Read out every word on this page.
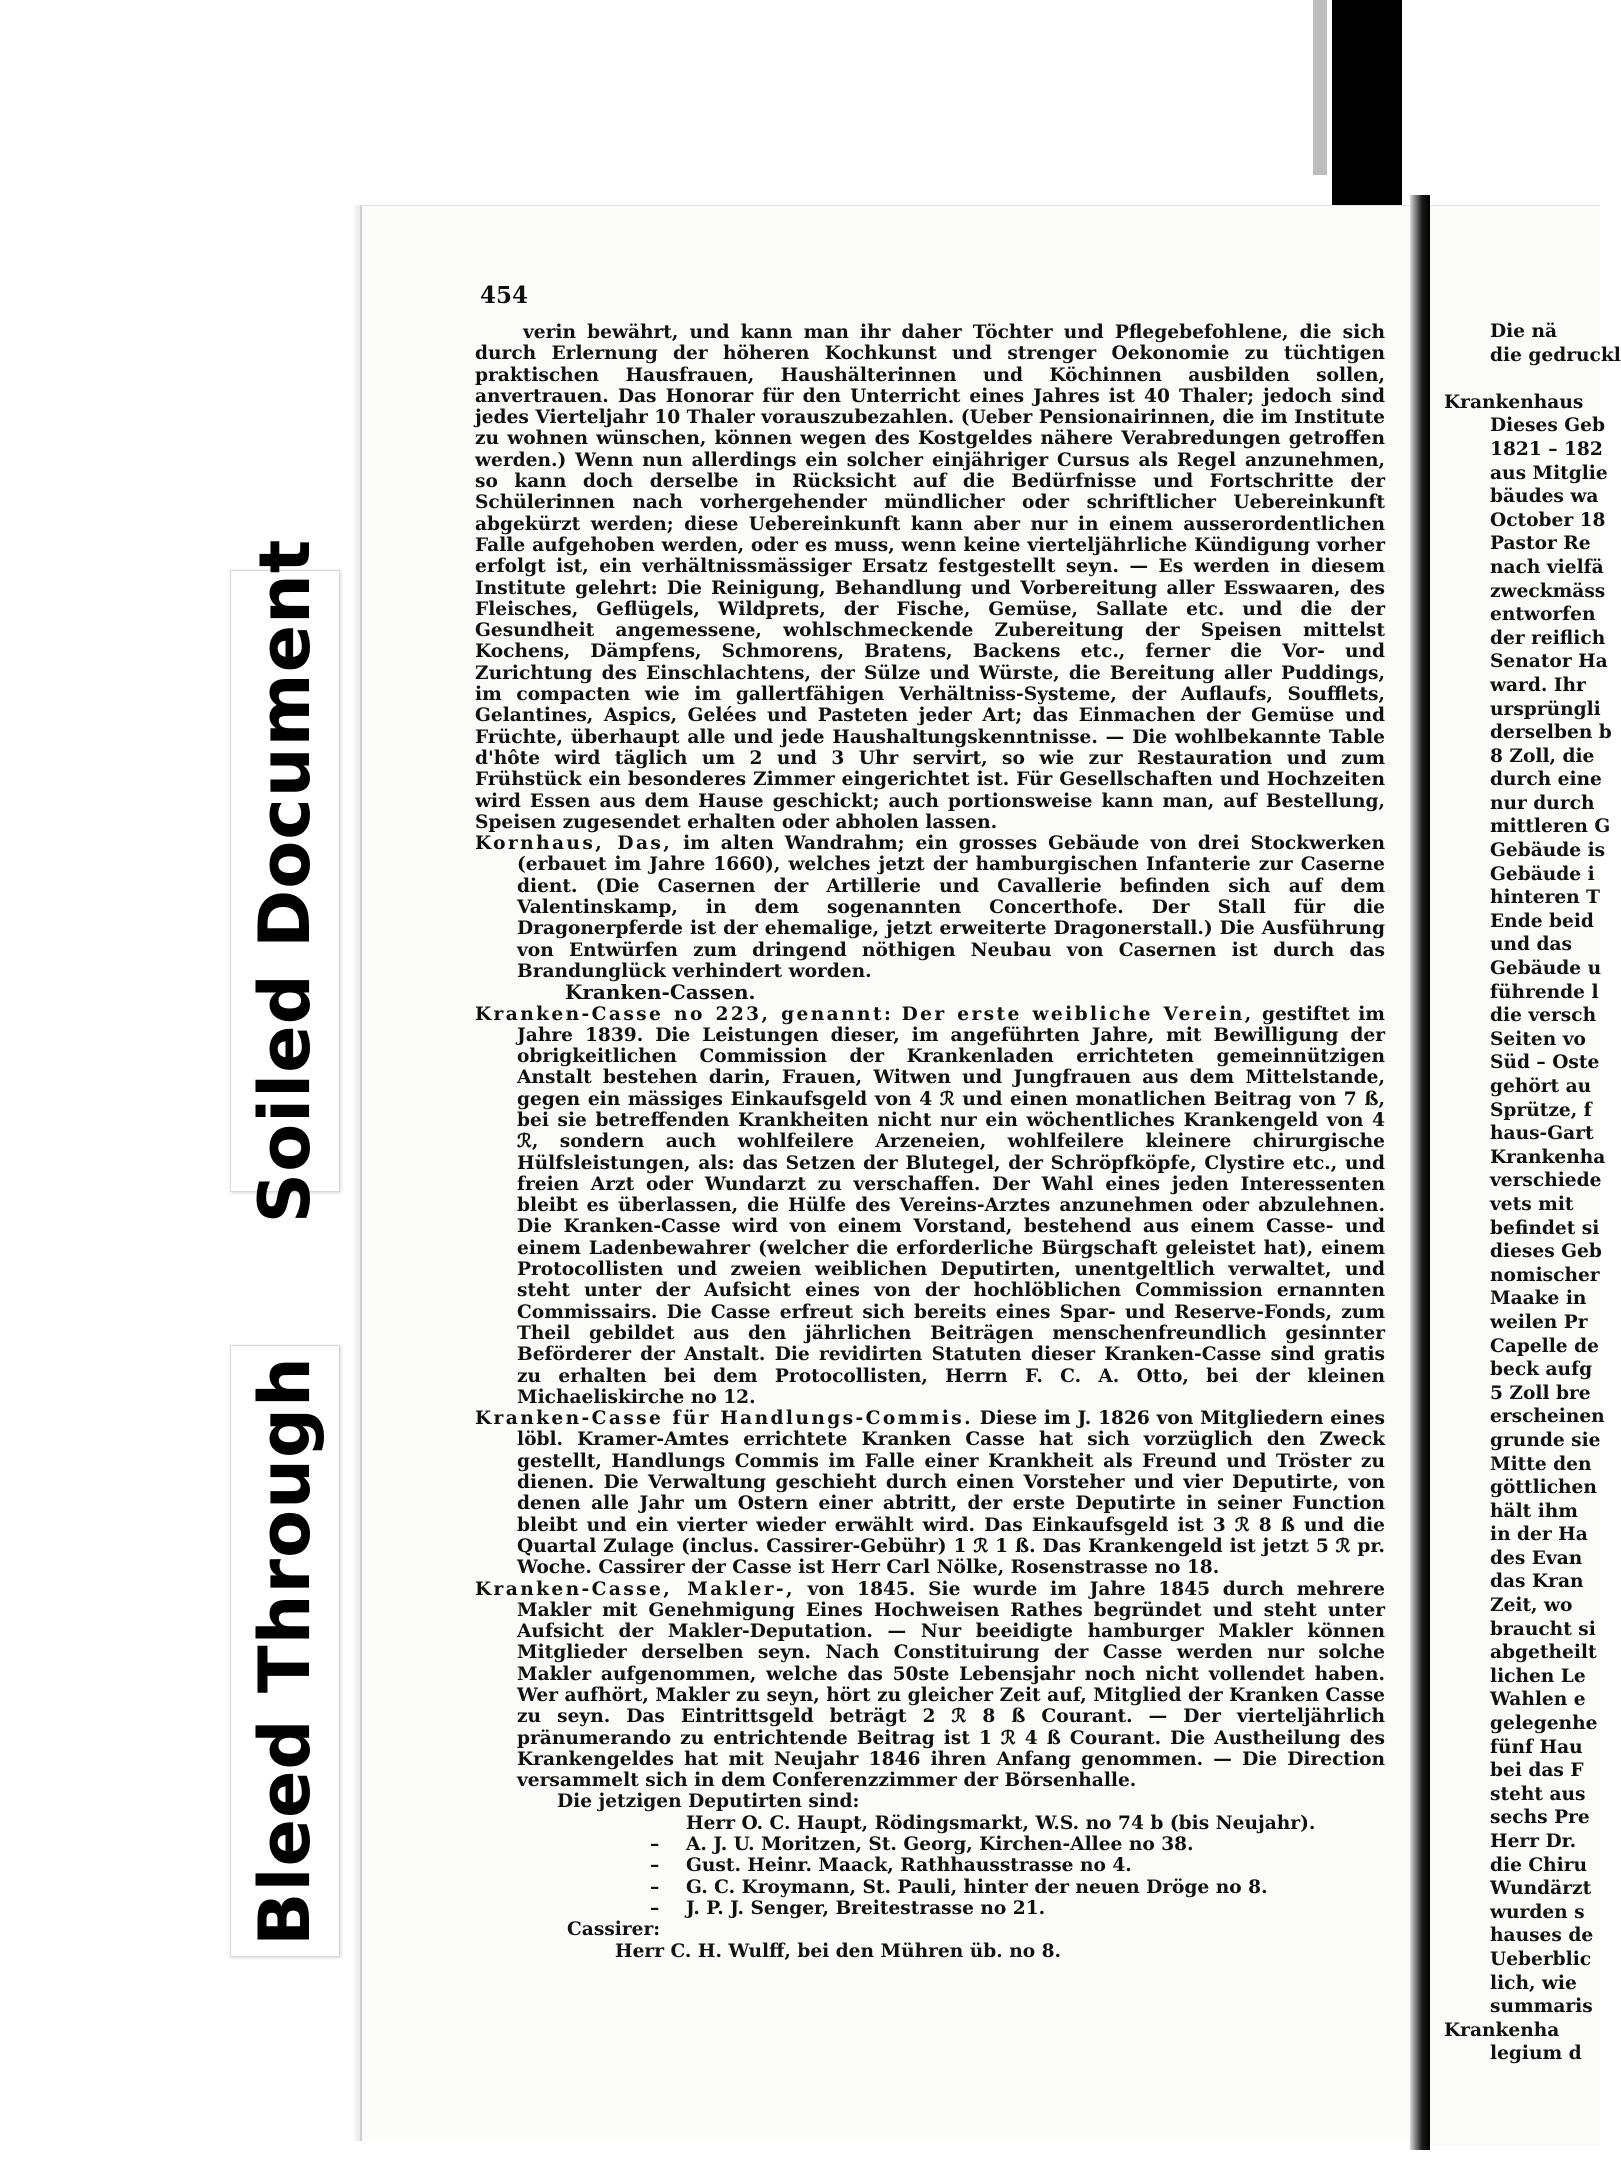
Soiled Document
Bleed Through
454

verin bewährt, und kann man ihr daher Töchter und Pflegebefohlene, die sich durch Erlernung der höheren Kochkunst und strenger Oekonomie zu tüchtigen praktischen Hausfrauen, Haushälterinnen und Köchinnen ausbilden sollen, anvertrauen. Das Honorar für den Unterricht eines Jahres ist 40 Thaler; jedoch sind jedes Vierteljahr 10 Thaler vorauszubezahlen. (Ueber Pensionairinnen, die im Institute zu wohnen wünschen, können wegen des Kostgeldes nähere Verabredungen getroffen werden.) Wenn nun allerdings ein solcher einjähriger Cursus als Regel anzunehmen, so kann doch derselbe in Rücksicht auf die Bedürfnisse und Fortschritte der Schülerinnen nach vorhergehender mündlicher oder schriftlicher Uebereinkunft abgekürzt werden; diese Uebereinkunft kann aber nur in einem ausserordentlichen Falle aufgehoben werden, oder es muss, wenn keine vierteljährliche Kündigung vorher erfolgt ist, ein verhältnissmässiger Ersatz festgestellt seyn. — Es werden in diesem Institute gelehrt: Die Reinigung, Behandlung und Vorbereitung aller Esswaaren, des Fleisches, Geflügels, Wildprets, der Fische, Gemüse, Sallate etc. und die der Gesundheit angemessene, wohlschmeckende Zubereitung der Speisen mittelst Kochens, Dämpfens, Schmorens, Bratens, Backens etc., ferner die Vor- und Zurichtung des Einschlachtens, der Sülze und Würste, die Bereitung aller Puddings, im compacten wie im gallertfähigen Verhältniss-Systeme, der Auflaufs, Soufflets, Gelantines, Aspics, Gelées und Pasteten jeder Art; das Einmachen der Gemüse und Früchte, überhaupt alle und jede Haushaltungskenntnisse. — Die wohlbekannte Table d'hôte wird täglich um 2 und 3 Uhr servirt, so wie zur Restauration und zum Frühstück ein besonderes Zimmer eingerichtet ist. Für Gesellschaften und Hochzeiten wird Essen aus dem Hause geschickt; auch portionsweise kann man, auf Bestellung, Speisen zugesendet erhalten oder abholen lassen.

Kornhaus, Das, im alten Wandrahm; ein grosses Gebäude von drei Stockwerken (erbauet im Jahre 1660), welches jetzt der hamburgischen Infanterie zur Caserne dient. (Die Casernen der Artillerie und Cavallerie befinden sich auf dem Valentinskamp, in dem sogenannten Concerthofe. Der Stall für die Dragonerpferde ist der ehemalige, jetzt erweiterte Dragonerstall.) Die Ausführung von Entwürfen zum dringend nöthigen Neubau von Casernen ist durch das Brandunglück verhindert worden.

Kranken-Cassen.

Kranken-Casse no 223, genannt: Der erste weibliche Verein, gestiftet im Jahre 1839. Die Leistungen dieser, im angeführten Jahre, mit Bewilligung der obrigkeitlichen Commission der Krankenladen errichteten gemeinnützigen Anstalt bestehen darin, Frauen, Witwen und Jungfrauen aus dem Mittelstande, gegen ein mässiges Einkaufsgeld von 4 ℛ und einen monatlichen Beitrag von 7 ß, bei sie betreffenden Krankheiten nicht nur ein wöchentliches Krankengeld von 4 ℛ, sondern auch wohlfeilere Arzeneien, wohlfeilere kleinere chirurgische Hülfsleistungen, als: das Setzen der Blutegel, der Schröpfköpfe, Clystire etc., und freien Arzt oder Wundarzt zu verschaffen. Der Wahl eines jeden Interessenten bleibt es überlassen, die Hülfe des Vereins-Arztes anzunehmen oder abzulehnen. Die Kranken-Casse wird von einem Vorstand, bestehend aus einem Casse- und einem Ladenbewahrer (welcher die erforderliche Bürgschaft geleistet hat), einem Protocollisten und zweien weiblichen Deputirten, unentgeltlich verwaltet, und steht unter der Aufsicht eines von der hochlöblichen Commission ernannten Commissairs. Die Casse erfreut sich bereits eines Spar- und Reserve-Fonds, zum Theil gebildet aus den jährlichen Beiträgen menschenfreundlich gesinnter Beförderer der Anstalt. Die revidirten Statuten dieser Kranken-Casse sind gratis zu erhalten bei dem Protocollisten, Herrn F. C. A. Otto, bei der kleinen Michaeliskirche no 12.

Kranken-Casse für Handlungs-Commis. Diese im J. 1826 von Mitgliedern eines löbl. Kramer-Amtes errichtete Kranken Casse hat sich vorzüglich den Zweck gestellt, Handlungs Commis im Falle einer Krankheit als Freund und Tröster zu dienen. Die Verwaltung geschieht durch einen Vorsteher und vier Deputirte, von denen alle Jahr um Ostern einer abtritt, der erste Deputirte in seiner Function bleibt und ein vierter wieder erwählt wird. Das Einkaufsgeld ist 3 ℛ 8 ß und die Quartal Zulage (inclus. Cassirer-Gebühr) 1 ℛ 1 ß. Das Krankengeld ist jetzt 5 ℛ pr. Woche. Cassirer der Casse ist Herr Carl Nölke, Rosenstrasse no 18.

Kranken-Casse, Makler-, von 1845. Sie wurde im Jahre 1845 durch mehrere Makler mit Genehmigung Eines Hochweisen Rathes begründet und steht unter Aufsicht der Makler-Deputation. — Nur beeidigte hamburger Makler können Mitglieder derselben seyn. Nach Constituirung der Casse werden nur solche Makler aufgenommen, welche das 50ste Lebensjahr noch nicht vollendet haben. Wer aufhört, Makler zu seyn, hört zu gleicher Zeit auf, Mitglied der Kranken Casse zu seyn. Das Eintrittsgeld beträgt 2 ℛ 8 ß Courant. — Der vierteljährlich pränumerando zu entrichtende Beitrag ist 1 ℛ 4 ß Courant. Die Austheilung des Krankengeldes hat mit Neujahr 1846 ihren Anfang genommen. — Die Direction versammelt sich in dem Conferenzzimmer der Börsenhalle.

Die jetzigen Deputirten sind:

Herr O. C. Haupt, Rödingsmarkt, W.S. no 74 b (bis Neujahr).

– A. J. U. Moritzen, St. Georg, Kirchen-Allee no 38.

– Gust. Heinr. Maack, Rathhausstrasse no 4.

– G. C. Kroymann, St. Pauli, hinter der neuen Dröge no 8.

– J. P. J. Senger, Breitestrasse no 21.

Cassirer:

Herr C. H. Wulff, bei den Mühren üb. no 8.

Die nä
die gedruckl

Krankenhaus
Dieses Geb
1821 – 182
aus Mitglie
bäudes wa
October 18
Pastor Re
nach vielfä
zweckmäss
entworfen
der reiflich
Senator Ha
ward. Ihr
ursprüngli
derselben b
8 Zoll, die
durch eine
nur durch
mittleren G
Gebäude is
Gebäude i
hinteren T
Ende beid
und das
Gebäude u
führende l
die versch
Seiten vo
Süd – Oste
gehört au
Sprütze, f
haus-Gart
Krankenha
verschiede
vets mit
befindet si
dieses Geb
nomischer
Maake in
weilen Pr
Capelle de
beck aufg
5 Zoll bre
erscheinen
grunde sie
Mitte den
göttlichen
hält ihm
in der Ha
des Evan
das Kran
Zeit, wo
braucht si
abgetheilt
lichen Le
Wahlen e
gelegenhe
fünf Hau
bei das F
steht aus
sechs Pre
Herr Dr.
die Chiru
Wundärzt
wurden s
hauses de
Ueberblic
lich, wie
summaris
Krankenha
legium d
